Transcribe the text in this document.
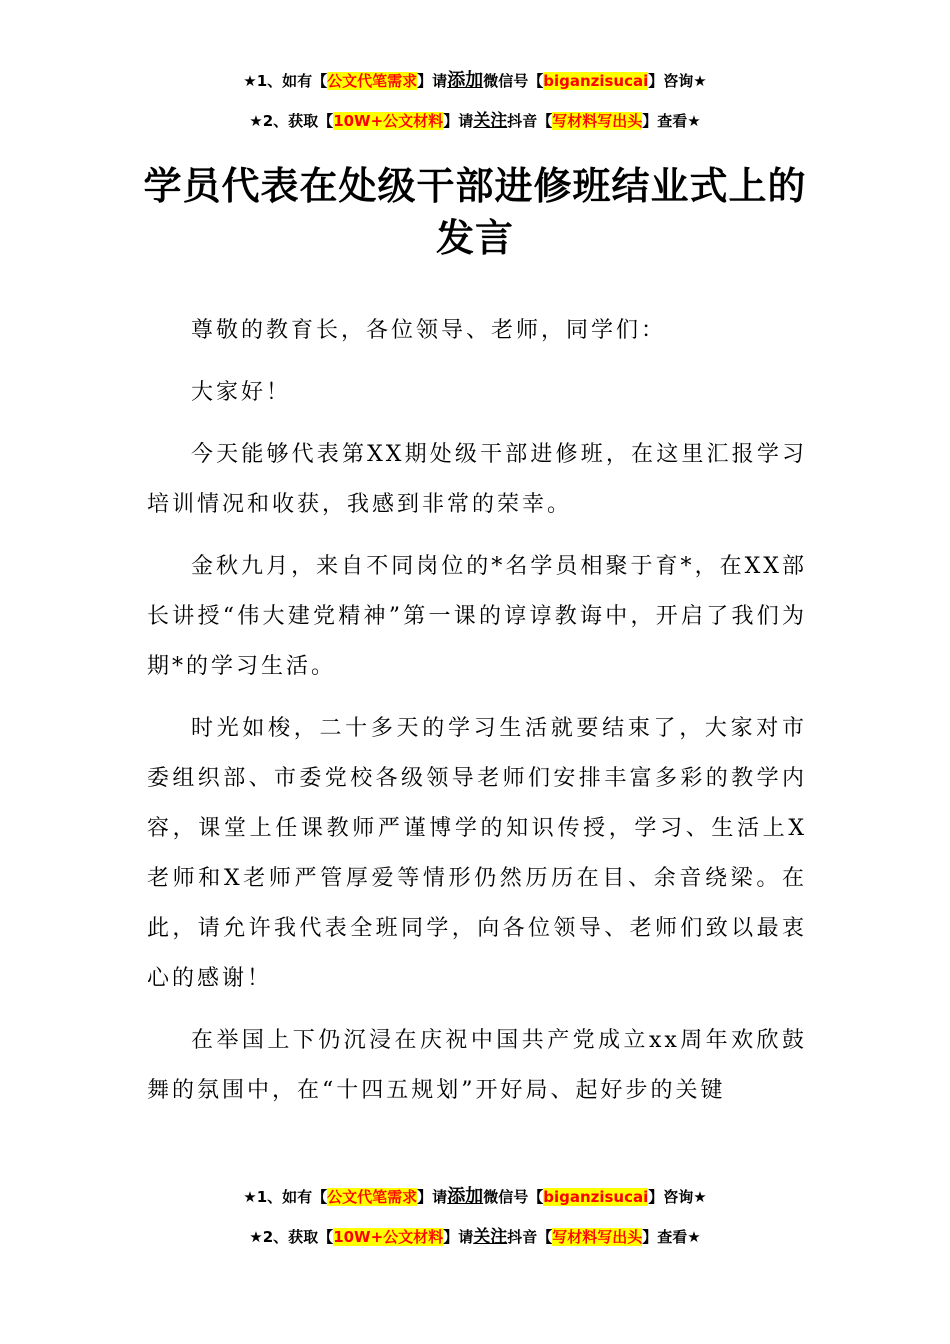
★1、如有【公文代笔需求】请添加微信号【biganzisucai】咨询★
★2、获取【10W+公文材料】请关注抖音【写材料写出头】查看★
学员代表在处级干部进修班结业式上的发言

尊敬的教育长，各位领导、老师，同学们：

大家好！

今天能够代表第XX期处级干部进修班，在这里汇报学习培训情况和收获，我感到非常的荣幸。

金秋九月，来自不同岗位的*名学员相聚于育*，在XX部长讲授“伟大建党精神”第一课的谆谆教诲中，开启了我们为期*的学习生活。

时光如梭，二十多天的学习生活就要结束了，大家对市委组织部、市委党校各级领导老师们安排丰富多彩的教学内容，课堂上任课教师严谨博学的知识传授，学习、生活上X老师和X老师严管厚爱等情形仍然历历在目、余音绕梁。在此，请允许我代表全班同学，向各位领导、老师们致以最衷心的感谢！

在举国上下仍沉浸在庆祝中国共产党成立xx周年欢欣鼓舞的氛围中，在“十四五规划”开好局、起好步的关键

★1、如有【公文代笔需求】请添加微信号【biganzisucai】咨询★
★2、获取【10W+公文材料】请关注抖音【写材料写出头】查看★
